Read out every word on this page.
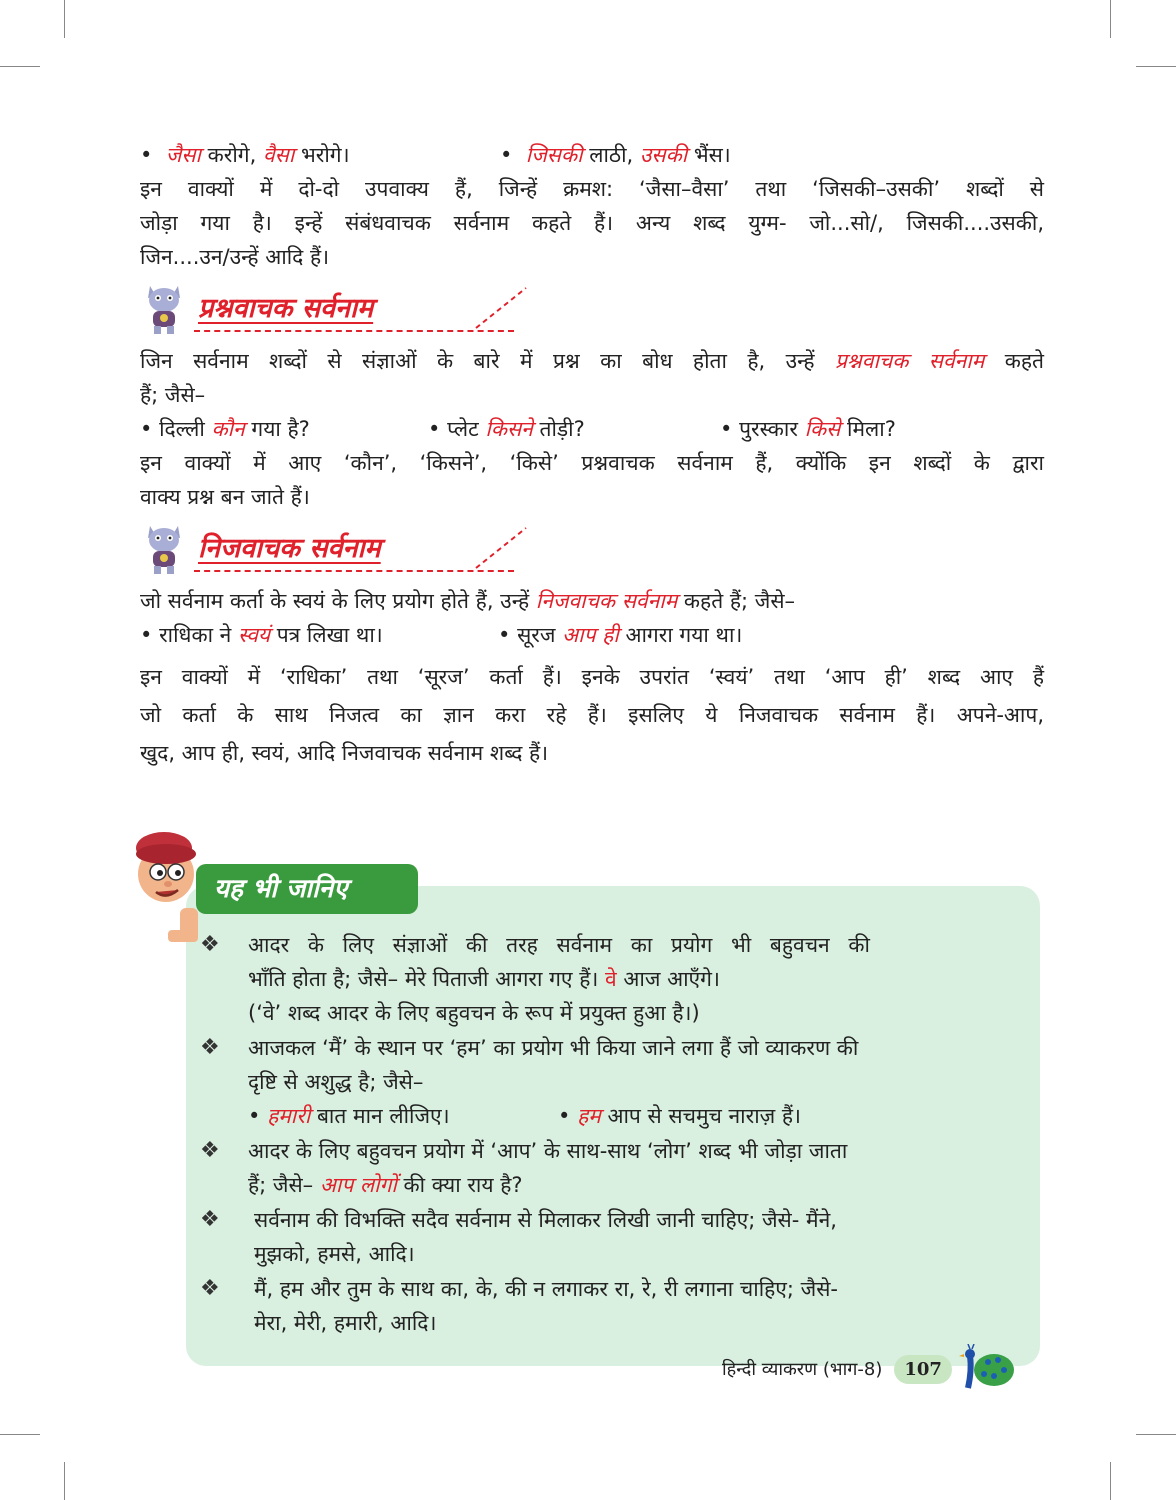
•  जैसा करोगे, वैसा भरोगे।	•  जिसकी लाठी, उसकी भैंस।
इन वाक्यों में दो-दो उपवाक्य हैं, जिन्हें क्रमश: ‘जैसा–वैसा’ तथा ‘जिसकी–उसकी’ शब्दों से
जोड़ा गया है। इन्हें संबंधवाचक सर्वनाम कहते हैं। अन्य शब्द युग्म- जो...सो/, जिसकी....उसकी,
जिन....उन/उन्हें आदि हैं।
प्रश्नवाचक सर्वनाम
जिन सर्वनाम शब्दों से संज्ञाओं के बारे में प्रश्न का बोध होता है, उन्हें प्रश्नवाचक सर्वनाम कहते
हैं; जैसे–
• दिल्ली कौन गया है?	• प्लेट किसने तोड़ी?	• पुरस्कार किसे मिला?
इन वाक्यों में आए ‘कौन’, ‘किसने’, ‘किसे’ प्रश्नवाचक सर्वनाम हैं, क्योंकि इन शब्दों के द्वारा
वाक्य प्रश्न बन जाते हैं।
निजवाचक सर्वनाम
जो सर्वनाम कर्ता के स्वयं के लिए प्रयोग होते हैं, उन्हें निजवाचक सर्वनाम कहते हैं; जैसे–
• राधिका ने स्वयं पत्र लिखा था।	• सूरज आप ही आगरा गया था।
इन वाक्यों में ‘राधिका’ तथा ‘सूरज’ कर्ता हैं। इनके उपरांत ‘स्वयं’ तथा ‘आप ही’ शब्द आए हैं
जो कर्ता के साथ निजत्व का ज्ञान करा रहे हैं। इसलिए ये निजवाचक सर्वनाम हैं। अपने-आप,
खुद, आप ही, स्वयं, आदि निजवाचक सर्वनाम शब्द हैं।
यह भी जानिए
❖	आदर के लिए संज्ञाओं की तरह सर्वनाम का प्रयोग भी बहुवचन की
भाँति होता है; जैसे– मेरे पिताजी आगरा गए हैं। वे आज आएँगे।
(‘वे’ शब्द आदर के लिए बहुवचन के रूप में प्रयुक्त हुआ है।)
❖	आजकल ‘मैं’ के स्थान पर ‘हम’ का प्रयोग भी किया जाने लगा हैं जो व्याकरण की
दृष्टि से अशुद्ध है; जैसे–
• हमारी बात मान लीजिए।	• हम आप से सचमुच नाराज़ हैं।
❖	आदर के लिए बहुवचन प्रयोग में ‘आप’ के साथ-साथ ‘लोग’ शब्द भी जोड़ा जाता
हैं; जैसे– आप लोगों की क्या राय है?
❖	सर्वनाम की विभक्ति सदैव सर्वनाम से मिलाकर लिखी जानी चाहिए; जैसे- मैंने,
मुझको, हमसे, आदि।
❖	मैं, हम और तुम के साथ का, के, की न लगाकर रा, रे, री लगाना चाहिए; जैसे-
मेरा, मेरी, हमारी, आदि।
हिन्दी व्याकरण (भाग-8)	107
